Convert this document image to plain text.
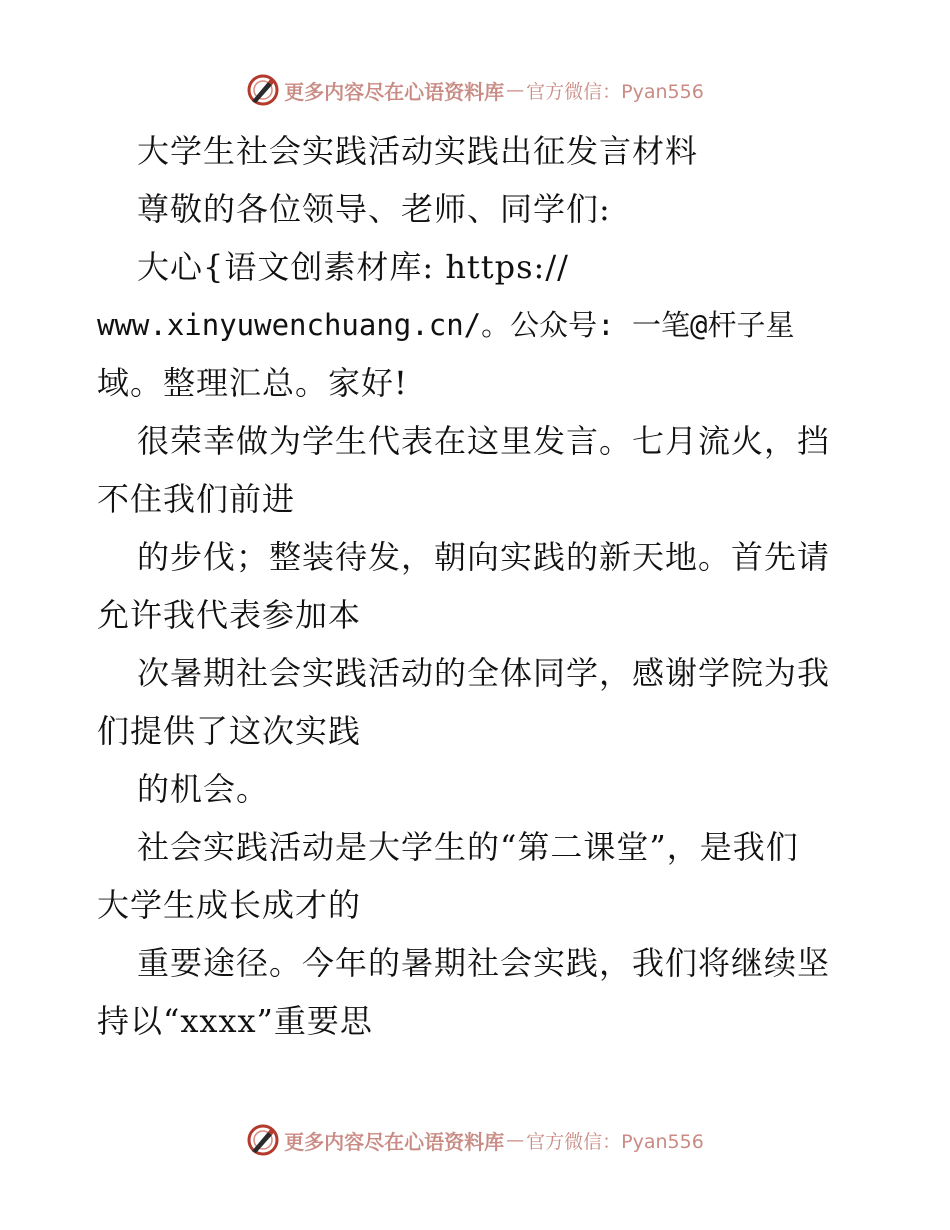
更多内容尽在心语资料库 — 官方微信：Pyan556
大学生社会实践活动实践出征发言材料
尊敬的各位领导、老师、同学们:
大心{语文创素材库: https://
www.xinyuwenchuang.cn/。公众号: 一笔@杆子星
域。整理汇总。家好!
很荣幸做为学生代表在这里发言。七月流火，挡
不住我们前进
的步伐；整装待发，朝向实践的新天地。首先请
允许我代表参加本
次暑期社会实践活动的全体同学，感谢学院为我
们提供了这次实践
的机会。
社会实践活动是大学生的“第二课堂”，是我们
大学生成长成才的
重要途径。今年的暑期社会实践，我们将继续坚
持以“xxxx”重要思
更多内容尽在心语资料库 — 官方微信：Pyan556
